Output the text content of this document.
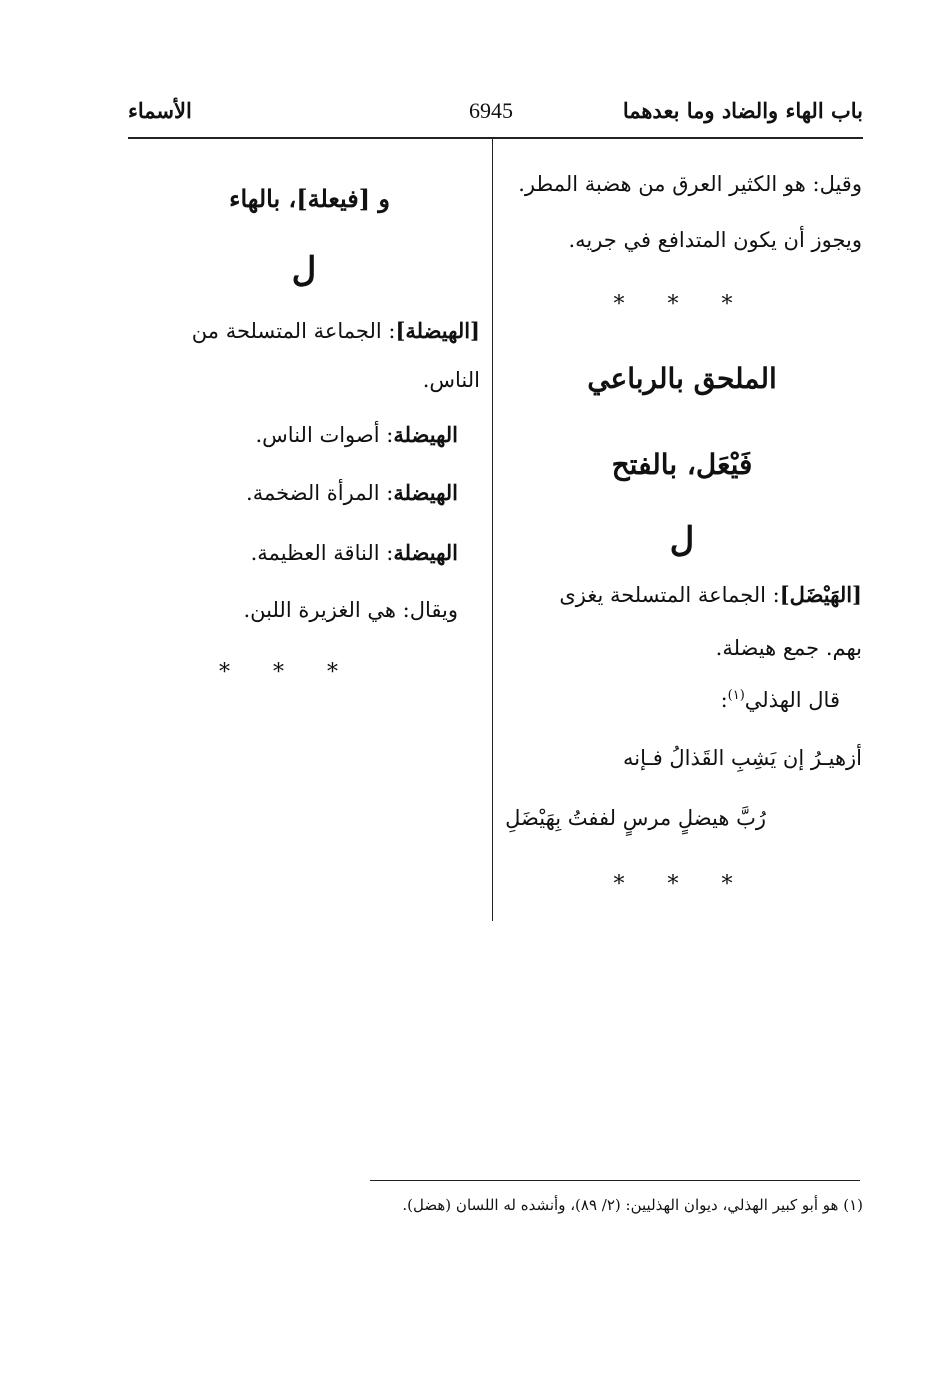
باب الهاء والضاد وما بعدهما
6945
الأسماء
وقيل: هو الكثير العرق من هضبة المطر.
ويجوز أن يكون المتدافع في جريه.
* * *
الملحق بالرباعي
فَيْعَل، بالفتح
ل
[الهَيْضَل]: الجماعة المتسلحة يغزى
بهم. جمع هيضلة.
قال الهذلي$^{(١)}$:
أزهيـرُ إن يَشِبِ القَذالُ فـإنه
رُبَّ هيضلٍ مرسٍ لففتُ بِهَيْضَلِ
* * *
و [فيعلة]، بالهاء
ل
[الهيضلة]: الجماعة المتسلحة من
الناس.
الهيضلة: أصوات الناس.
الهيضلة: المرأة الضخمة.
الهيضلة: الناقة العظيمة.
ويقال: هي الغزيرة اللبن.
* * *
(١) هو أبو كبير الهذلي، ديوان الهذليين: (٢/ ٨٩)، وأنشده له اللسان (هضل).
